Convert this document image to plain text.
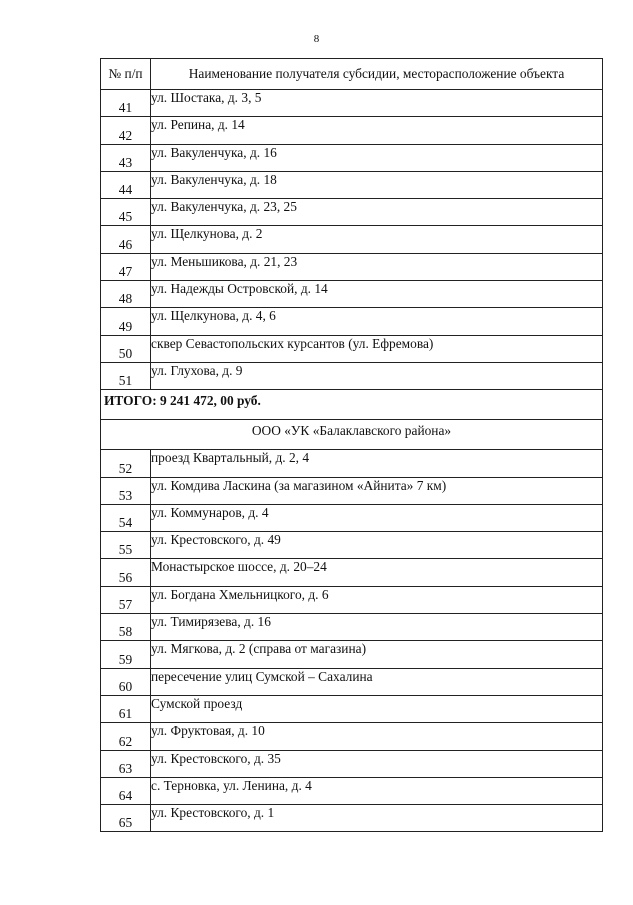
8
№ п/п	Наименование получателя субсидии, месторасположение объекта
41	ул. Шостака, д. 3, 5
42	ул. Репина, д. 14
43	ул. Вакуленчука, д. 16
44	ул. Вакуленчука, д. 18
45	ул. Вакуленчука, д. 23, 25
46	ул. Щелкунова, д. 2
47	ул. Меньшикова, д. 21, 23
48	ул. Надежды Островской, д. 14
49	ул. Щелкунова, д. 4, 6
50	сквер Севастопольских курсантов (ул. Ефремова)
51	ул. Глухова, д. 9
ИТОГО: 9 241 472, 00 руб.	
ООО «УК «Балаклавского района»	
52	проезд Квартальный, д. 2, 4
53	ул. Комдива Ласкина (за магазином «Айнита» 7 км)
54	ул. Коммунаров, д. 4
55	ул. Крестовского, д. 49
56	Монастырское шоссе, д. 20–24
57	ул. Богдана Хмельницкого, д. 6
58	ул. Тимирязева, д. 16
59	ул. Мягкова, д. 2 (справа от магазина)
60	пересечение улиц Сумской – Сахалина
61	Сумской проезд
62	ул. Фруктовая, д. 10
63	ул. Крестовского, д. 35
64	с. Терновка, ул. Ленина, д. 4
65	ул. Крестовского, д. 1
